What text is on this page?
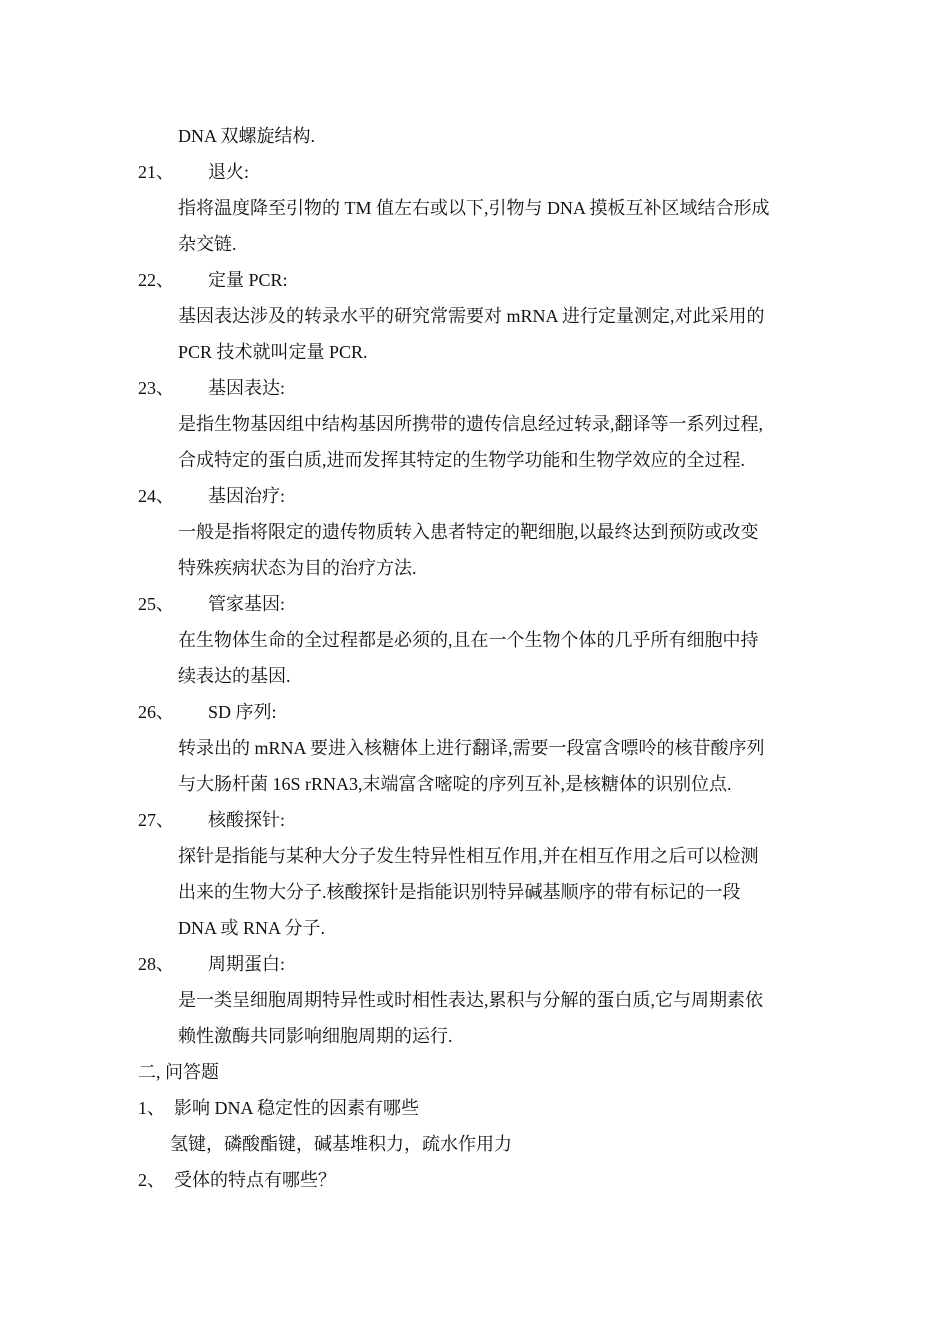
DNA 双螺旋结构.
21、 退火:
指将温度降至引物的 TM 值左右或以下,引物与 DNA 摸板互补区域结合形成
杂交链.
22、 定量 PCR:
基因表达涉及的转录水平的研究常需要对 mRNA 进行定量测定,对此采用的
PCR 技术就叫定量 PCR.
23、 基因表达:
是指生物基因组中结构基因所携带的遗传信息经过转录,翻译等一系列过程,
合成特定的蛋白质,进而发挥其特定的生物学功能和生物学效应的全过程.
24、 基因治疗:
一般是指将限定的遗传物质转入患者特定的靶细胞,以最终达到预防或改变
特殊疾病状态为目的治疗方法.
25、 管家基因:
在生物体生命的全过程都是必须的,且在一个生物个体的几乎所有细胞中持
续表达的基因.
26、 SD 序列:
转录出的 mRNA 要进入核糖体上进行翻译,需要一段富含嘌呤的核苷酸序列
与大肠杆菌 16S rRNA3,末端富含嘧啶的序列互补,是核糖体的识别位点.
27、 核酸探针:
探针是指能与某种大分子发生特异性相互作用,并在相互作用之后可以检测
出来的生物大分子.核酸探针是指能识别特异碱基顺序的带有标记的一段
DNA 或 RNA 分子.
28、 周期蛋白:
是一类呈细胞周期特异性或时相性表达,累积与分解的蛋白质,它与周期素依
赖性激酶共同影响细胞周期的运行.
二, 问答题
1、 影响 DNA 稳定性的因素有哪些
氢键，磷酸酯键，碱基堆积力，疏水作用力
2、 受体的特点有哪些？
